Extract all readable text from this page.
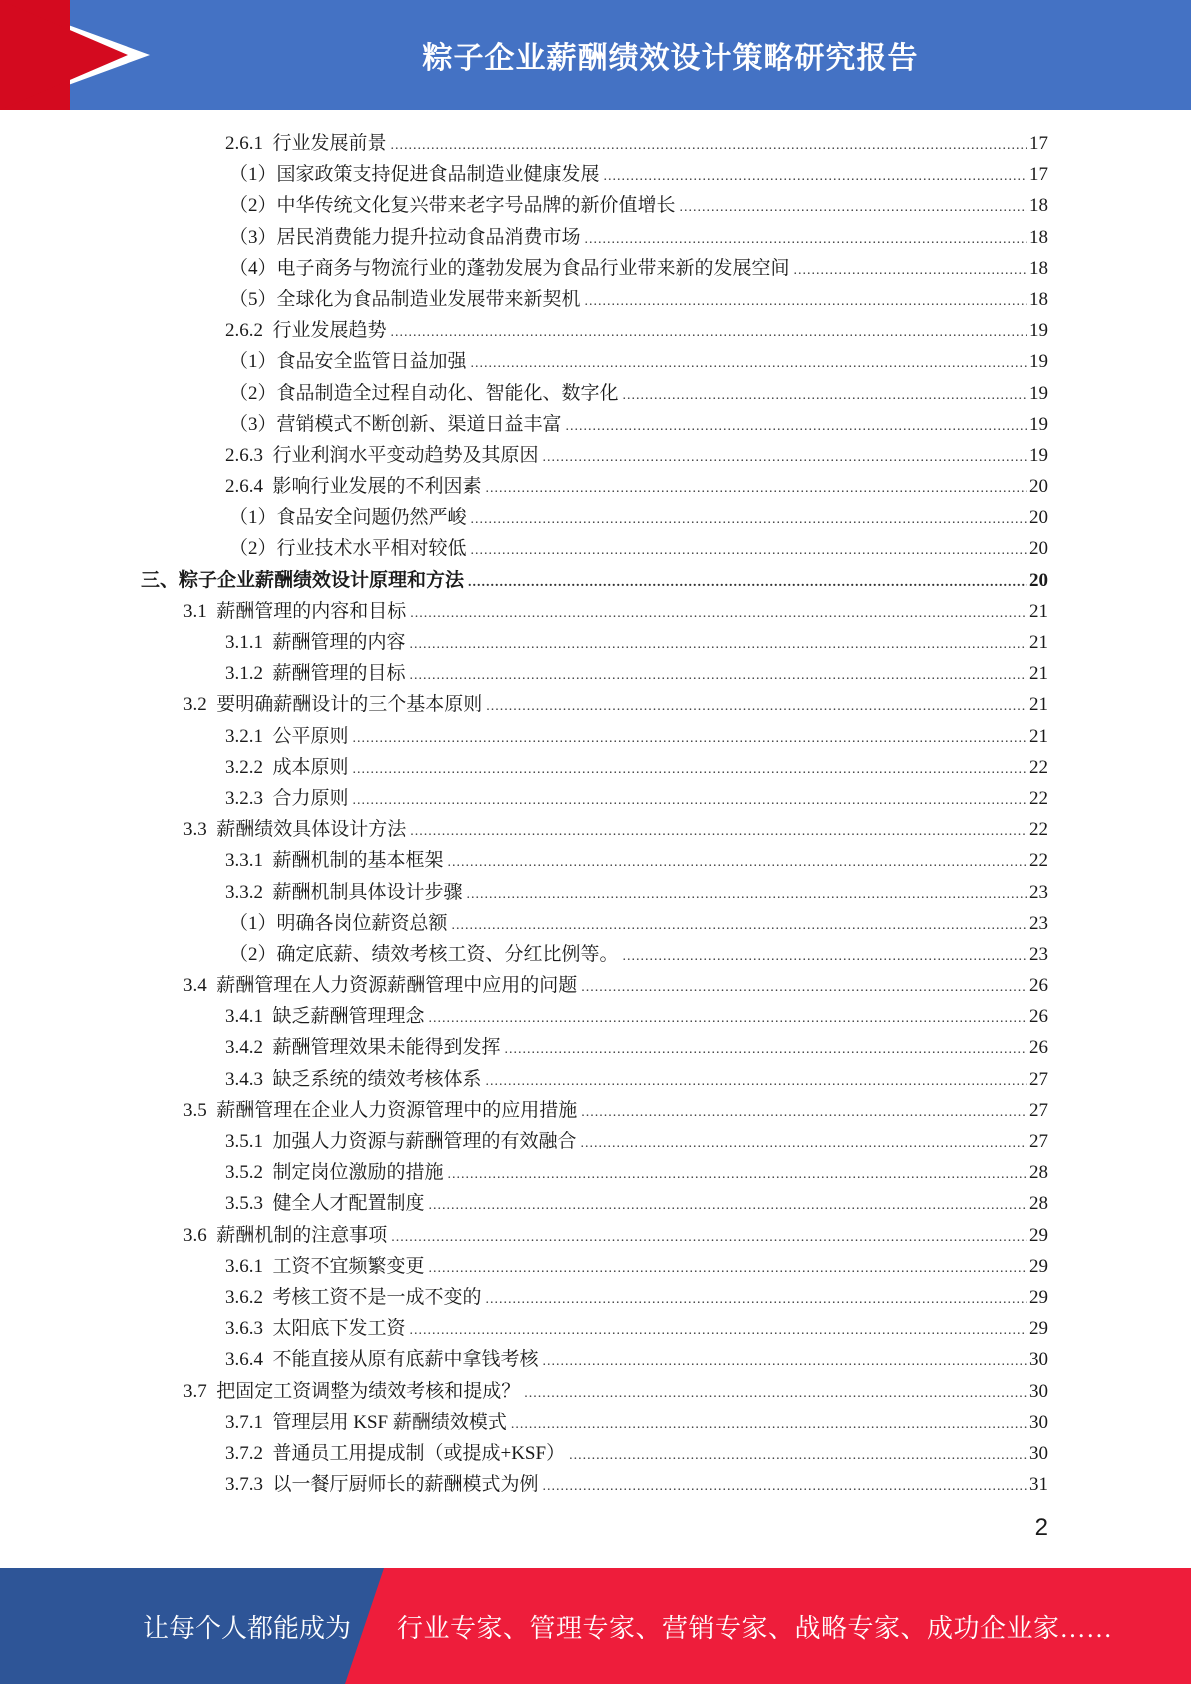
粽子企业薪酬绩效设计策略研究报告
2.6.1  行业发展前景 .....	17
（1）国家政策支持促进食品制造业健康发展 .....	17
（2）中华传统文化复兴带来老字号品牌的新价值增长 .....	18
（3）居民消费能力提升拉动食品消费市场 .....	18
（4）电子商务与物流行业的蓬勃发展为食品行业带来新的发展空间 .....	18
（5）全球化为食品制造业发展带来新契机 .....	18
2.6.2  行业发展趋势 .....	19
（1）食品安全监管日益加强 .....	19
（2）食品制造全过程自动化、智能化、数字化 .....	19
（3）营销模式不断创新、渠道日益丰富 .....	19
2.6.3  行业利润水平变动趋势及其原因 .....	19
2.6.4  影响行业发展的不利因素 .....	20
（1）食品安全问题仍然严峻 .....	20
（2）行业技术水平相对较低 .....	20
三、粽子企业薪酬绩效设计原理和方法 .....	20
3.1  薪酬管理的内容和目标 .....	21
3.1.1  薪酬管理的内容 .....	21
3.1.2  薪酬管理的目标 .....	21
3.2  要明确薪酬设计的三个基本原则 .....	21
3.2.1  公平原则 .....	21
3.2.2  成本原则 .....	22
3.2.3  合力原则 .....	22
3.3  薪酬绩效具体设计方法 .....	22
3.3.1  薪酬机制的基本框架 .....	22
3.3.2  薪酬机制具体设计步骤 .....	23
（1）明确各岗位薪资总额 .....	23
（2）确定底薪、绩效考核工资、分红比例等。 .....	23
3.4  薪酬管理在人力资源薪酬管理中应用的问题 .....	26
3.4.1  缺乏薪酬管理理念 .....	26
3.4.2  薪酬管理效果未能得到发挥 .....	26
3.4.3  缺乏系统的绩效考核体系 .....	27
3.5  薪酬管理在企业人力资源管理中的应用措施 .....	27
3.5.1  加强人力资源与薪酬管理的有效融合 .....	27
3.5.2  制定岗位激励的措施 .....	28
3.5.3  健全人才配置制度 .....	28
3.6  薪酬机制的注意事项 .....	29
3.6.1  工资不宜频繁变更 .....	29
3.6.2  考核工资不是一成不变的 .....	29
3.6.3  太阳底下发工资 .....	29
3.6.4  不能直接从原有底薪中拿钱考核 .....	30
3.7  把固定工资调整为绩效考核和提成？ .....	30
3.7.1  管理层用 KSF 薪酬绩效模式 .....	30
3.7.2  普通员工用提成制（或提成+KSF） .....	30
3.7.3  以一餐厅厨师长的薪酬模式为例 .....	31
2
让每个人都能成为 行业专家、管理专家、营销专家、战略专家、成功企业家……
